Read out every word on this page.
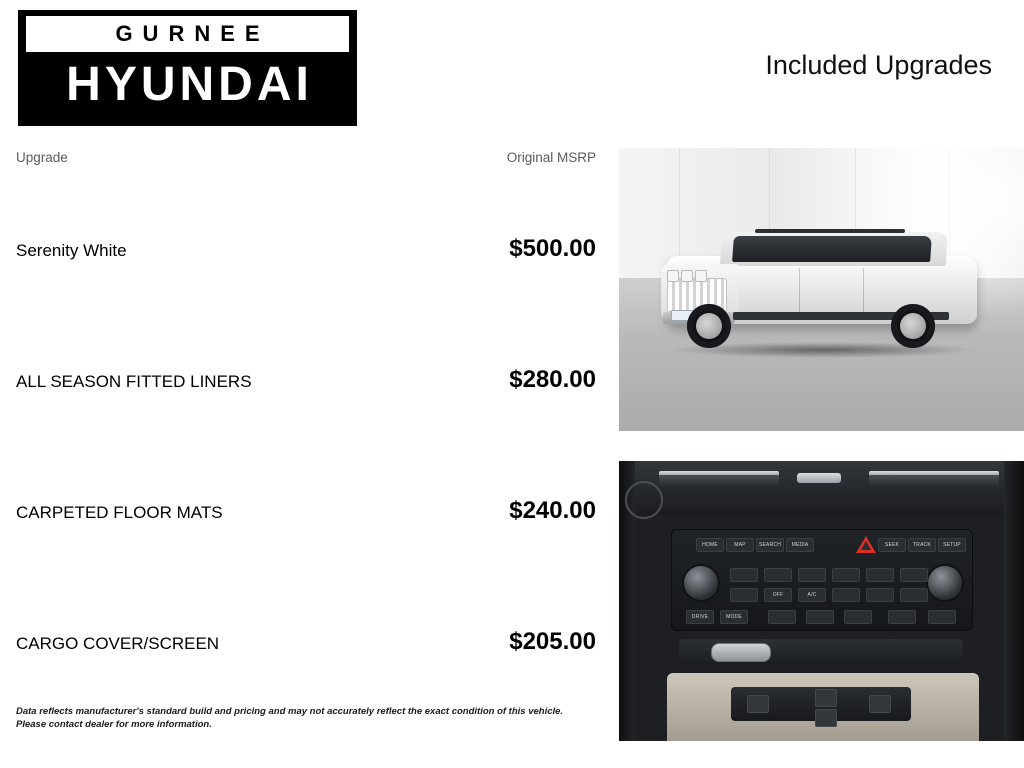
GURNEE
HYUNDAI	Included Upgrades
Upgrade	Original MSRP
Serenity White	$500.00
ALL SEASON FITTED LINERS	$280.00
CARPETED FLOOR MATS	$240.00
CARGO COVER/SCREEN	$205.00
Data reflects manufacturer's standard build and pricing and may not accurately reflect the exact condition of this vehicle.
Please contact dealer for more information.
HOME	MAP	SEARCH	MEDIA	SEEK	TRACK	SETUP
OFF	A/C
DRIVE	MODE
